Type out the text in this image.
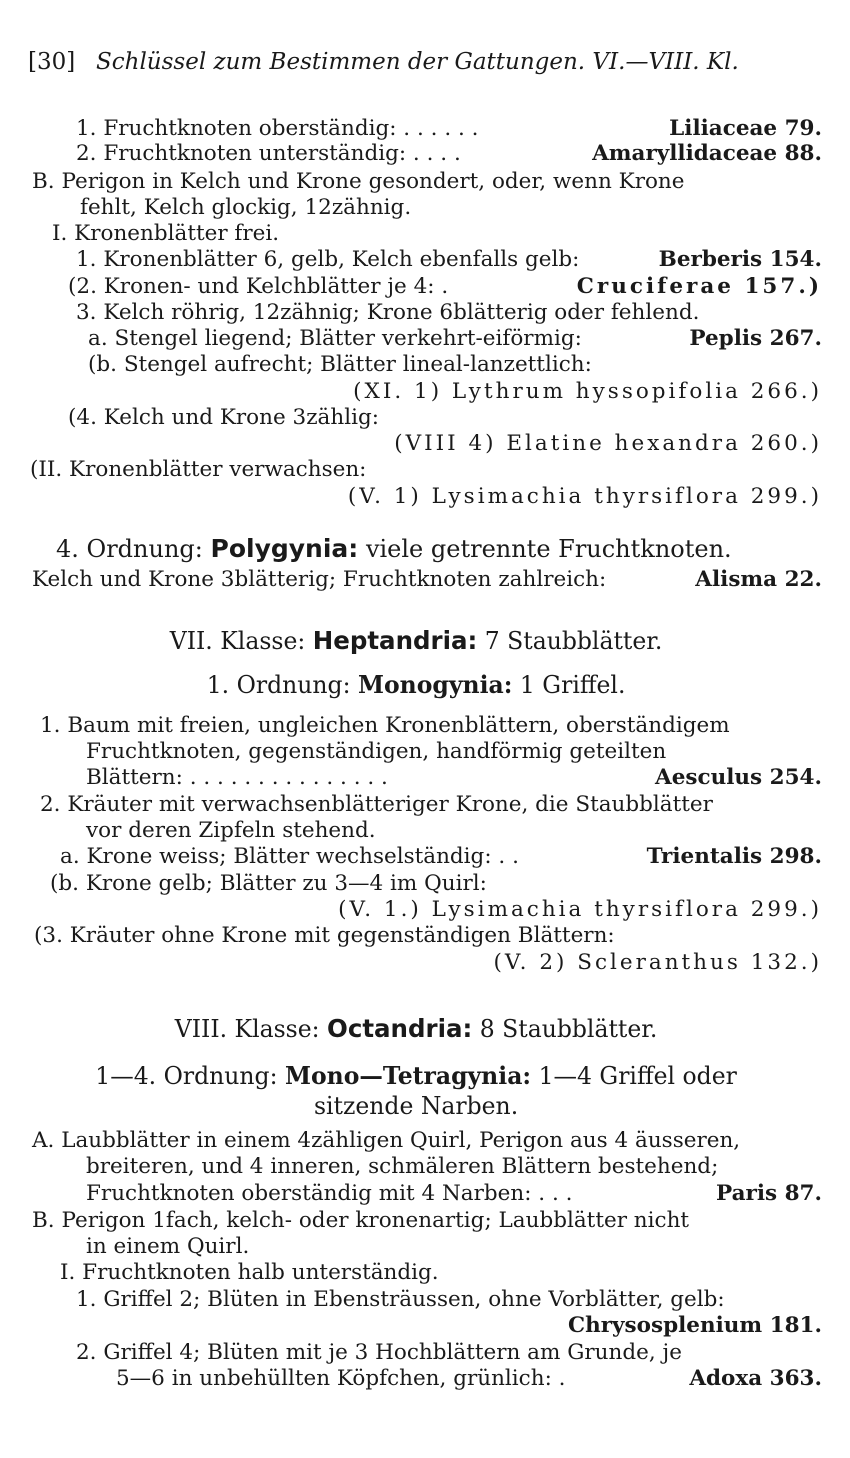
[30] Schlüssel zum Bestimmen der Gattungen. VI.—VIII. Kl.
1. Fruchtknoten oberständig: . . . . . .	Liliaceae 79.
2. Fruchtknoten unterständig: . . . .	Amaryllidaceae 88.
B. Perigon in Kelch und Krone gesondert, oder, wenn Krone
fehlt, Kelch glockig, 12zähnig.
I. Kronenblätter frei.
1. Kronenblätter 6, gelb, Kelch ebenfalls gelb:	Berberis 154.
(2. Kronen- und Kelchblätter je 4: .	Cruciferae 157.)
3. Kelch röhrig, 12zähnig; Krone 6blätterig oder fehlend.
a. Stengel liegend; Blätter verkehrt-eiförmig:	Peplis 267.
(b. Stengel aufrecht; Blätter lineal-lanzettlich:
(XI. 1) Lythrum hyssopifolia 266.)
(4. Kelch und Krone 3zählig:
(VIII 4) Elatine hexandra 260.)
(II. Kronenblätter verwachsen:
(V. 1) Lysimachia thyrsiflora 299.)
4. Ordnung: Polygynia: viele getrennte Fruchtknoten.
Kelch und Krone 3blätterig; Fruchtknoten zahlreich:	Alisma 22.
VII. Klasse: Heptandria: 7 Staubblätter.
1. Ordnung: Monogynia: 1 Griffel.
1. Baum mit freien, ungleichen Kronenblättern, oberständigem
Fruchtknoten, gegenständigen, handförmig geteilten
Blättern: . . . . . . . . . . . . . . .	Aesculus 254.
2. Kräuter mit verwachsenblätteriger Krone, die Staubblätter
vor deren Zipfeln stehend.
a. Krone weiss; Blätter wechselständig: . .	Trientalis 298.
(b. Krone gelb; Blätter zu 3—4 im Quirl:
(V. 1.) Lysimachia thyrsiflora 299.)
(3. Kräuter ohne Krone mit gegenständigen Blättern:
(V. 2) Scleranthus 132.)
VIII. Klasse: Octandria: 8 Staubblätter.
1—4. Ordnung: Mono—Tetragynia: 1—4 Griffel oder
sitzende Narben.
A. Laubblätter in einem 4zähligen Quirl, Perigon aus 4 äusseren,
breiteren, und 4 inneren, schmäleren Blättern bestehend;
Fruchtknoten oberständig mit 4 Narben: . . .	Paris 87.
B. Perigon 1fach, kelch- oder kronenartig; Laubblätter nicht
in einem Quirl.
I. Fruchtknoten halb unterständig.
1. Griffel 2; Blüten in Ebensträussen, ohne Vorblätter, gelb:
Chrysosplenium 181.
2. Griffel 4; Blüten mit je 3 Hochblättern am Grunde, je
5—6 in unbehüllten Köpfchen, grünlich: .	Adoxa 363.
